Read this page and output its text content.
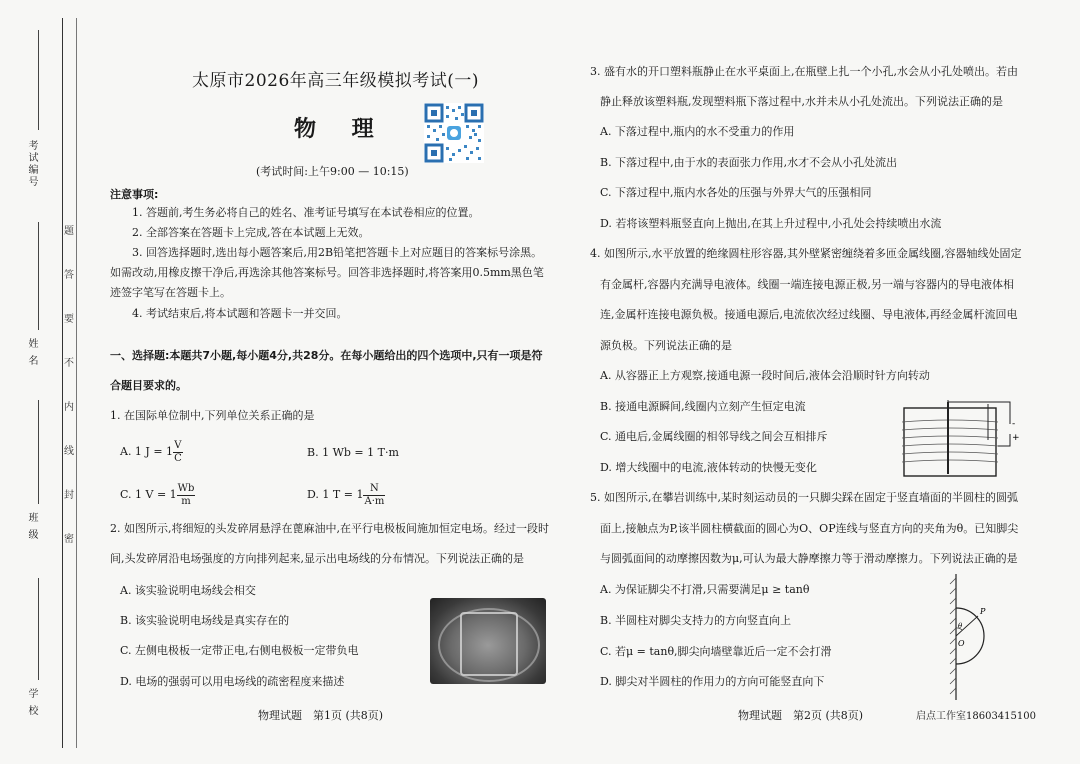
考试编号
姓 名
班 级
学 校
题
答
要
不
内
线
封
密
太原市2026年高三年级模拟考试(一)
物 理
(考试时间:上午9:00 — 10:15)
注意事项:
1. 答题前,考生务必将自己的姓名、准考证号填写在本试卷相应的位置。
2. 全部答案在答题卡上完成,答在本试题上无效。
3. 回答选择题时,选出每小题答案后,用2B铅笔把答题卡上对应题目的答案标号涂黑。
如需改动,用橡皮擦干净后,再选涂其他答案标号。回答非选择题时,将答案用0.5mm黑色笔
迹签字笔写在答题卡上。
4. 考试结束后,将本试题和答题卡一并交回。
一、选择题:本题共7小题,每小题4分,共28分。在每小题给出的四个选项中,只有一项是符
合题目要求的。
1. 在国际单位制中,下列单位关系正确的是
A. 1 $J = 1 \frac{V}{C}$	B. 1 Wb = 1 T·m
C. 1 $V = 1 \frac{Wb}{m}$	D. 1 $T = 1 \frac{N}{A\cdot m}$
2. 如图所示,将细短的头发碎屑悬浮在蓖麻油中,在平行电极板间施加恒定电场。经过一段时
间,头发碎屑沿电场强度的方向排列起来,显示出电场线的分布情况。下列说法正确的是
A. 该实验说明电场线会相交
B. 该实验说明电场线是真实存在的
C. 左侧电极板一定带正电,右侧电极板一定带负电
D. 电场的强弱可以用电场线的疏密程度来描述
物理试题　第1页 (共8页)
3. 盛有水的开口塑料瓶静止在水平桌面上,在瓶壁上扎一个小孔,水会从小孔处喷出。若由
静止释放该塑料瓶,发现塑料瓶下落过程中,水并未从小孔处流出。下列说法正确的是
A. 下落过程中,瓶内的水不受重力的作用
B. 下落过程中,由于水的表面张力作用,水才不会从小孔处流出
C. 下落过程中,瓶内水各处的压强与外界大气的压强相同
D. 若将该塑料瓶竖直向上抛出,在其上升过程中,小孔处会持续喷出水流
4. 如图所示,水平放置的绝缘圆柱形容器,其外壁紧密缠绕着多匝金属线圈,容器轴线处固定
有金属杆,容器内充满导电液体。线圈一端连接电源正极,另一端与容器内的导电液体相
连,金属杆连接电源负极。接通电源后,电流依次经过线圈、导电液体,再经金属杆流回电
源负极。下列说法正确的是
A. 从容器正上方观察,接通电源一段时间后,液体会沿顺时针方向转动
B. 接通电源瞬间,线圈内立刻产生恒定电流
C. 通电后,金属线圈的相邻导线之间会互相排斥
D. 增大线圈中的电流,液体转动的快慢无变化
-
+
5. 如图所示,在攀岩训练中,某时刻运动员的一只脚尖踩在固定于竖直墙面的半圆柱的圆弧
面上,接触点为P,该半圆柱横截面的圆心为O、OP连线与竖直方向的夹角为θ。已知脚尖
与圆弧面间的动摩擦因数为μ,可认为最大静摩擦力等于滑动摩擦力。下列说法正确的是
A. 为保证脚尖不打滑,只需要满足μ ≥ tanθ
B. 半圆柱对脚尖支持力的方向竖直向上
C. 若μ = tanθ,脚尖向墙壁靠近后一定不会打滑
D. 脚尖对半圆柱的作用力的方向可能竖直向下
P
O
θ
物理试题　第2页 (共8页)	启点工作室18603415100
